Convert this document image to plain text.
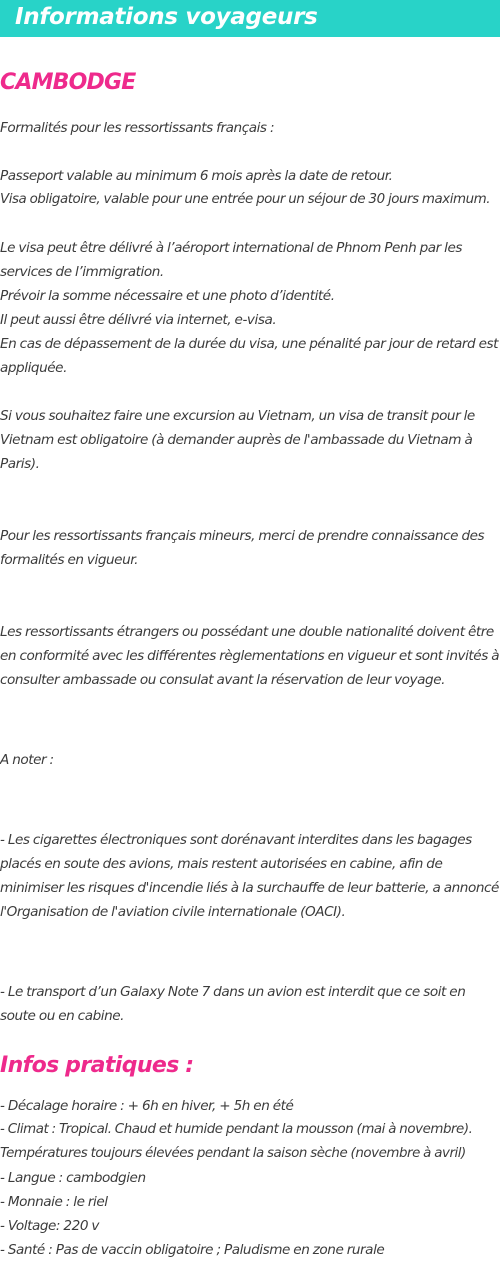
Informations voyageurs
CAMBODGE

Formalités pour les ressortissants français :

Passeport valable au minimum 6 mois après la date de retour.

Visa obligatoire, valable pour une entrée pour un séjour de 30 jours maximum.

Le visa peut être délivré à l’aéroport international de Phnom Penh par les services de l’immigration.

Prévoir la somme nécessaire et une photo d’identité.

Il peut aussi être délivré via internet, e-visa.

En cas de dépassement de la durée du visa, une pénalité par jour de retard est appliquée.

Si vous souhaitez faire une excursion au Vietnam, un visa de transit pour le Vietnam est obligatoire (à demander auprès de l'ambassade du Vietnam à Paris).

Pour les ressortissants français mineurs, merci de prendre connaissance des formalités en vigueur.

Les ressortissants étrangers ou possédant une double nationalité doivent être en conformité avec les différentes règlementations en vigueur et sont invités à consulter ambassade ou consulat avant la réservation de leur voyage.

A noter :

- Les cigarettes électroniques sont dorénavant interdites dans les bagages placés en soute des avions, mais restent autorisées en cabine, afin de minimiser les risques d'incendie liés à la surchauffe de leur batterie, a annoncé l'Organisation de l'aviation civile internationale (OACI).

- Le transport d’un Galaxy Note 7 dans un avion est interdit que ce soit en soute ou en cabine.

Infos pratiques :

- Décalage horaire : + 6h en hiver, + 5h en été

- Climat : Tropical. Chaud et humide pendant la mousson (mai à novembre). Températures toujours élevées pendant la saison sèche (novembre à avril)

- Langue : cambodgien

- Monnaie : le riel

- Voltage: 220 v

- Santé : Pas de vaccin obligatoire ; Paludisme en zone rurale
